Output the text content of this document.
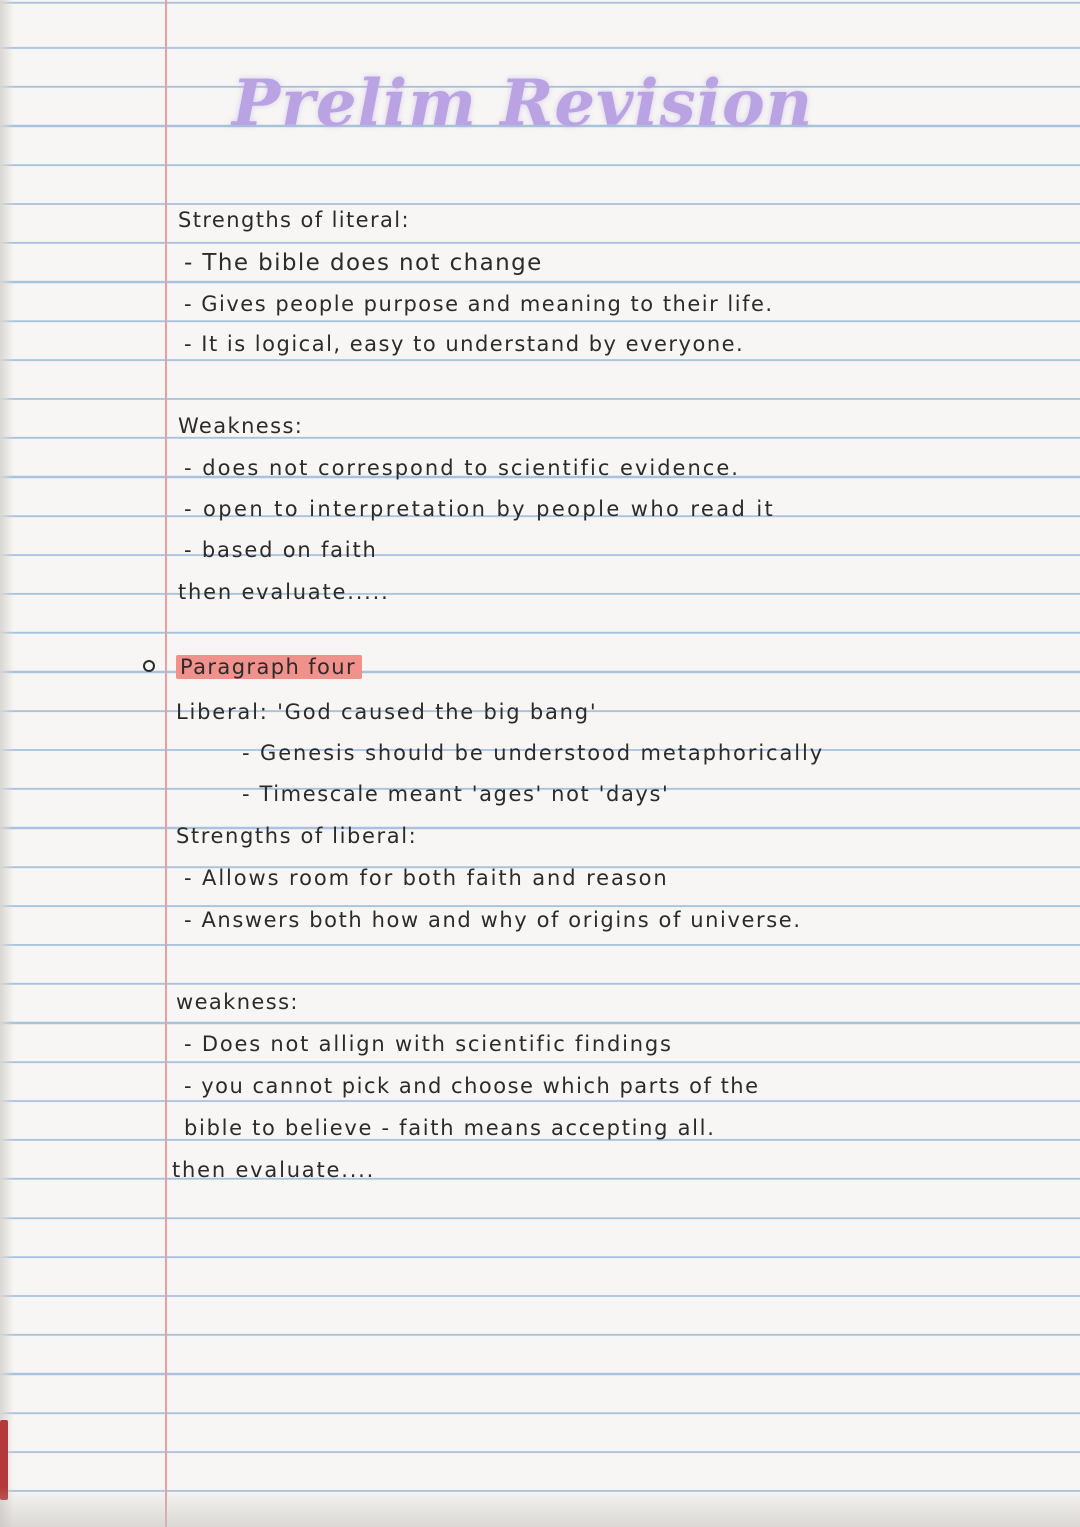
Prelim Revision
Strengths of literal:
- The bible does not change
- Gives people purpose and meaning to their life.
- It is logical, easy to understand by everyone.
Weakness:
- does not correspond to scientific evidence.
- open to interpretation by people who read it
- based on faith
then evaluate.....
Paragraph four
Liberal: 'God caused the big bang'
- Genesis should be understood metaphorically
- Timescale meant 'ages' not 'days'
Strengths of liberal:
- Allows room for both faith and reason
- Answers both how and why of origins of universe.
weakness:
- Does not allign with scientific findings
- you cannot pick and choose which parts of the
bible to believe - faith means accepting all.
then evaluate....
